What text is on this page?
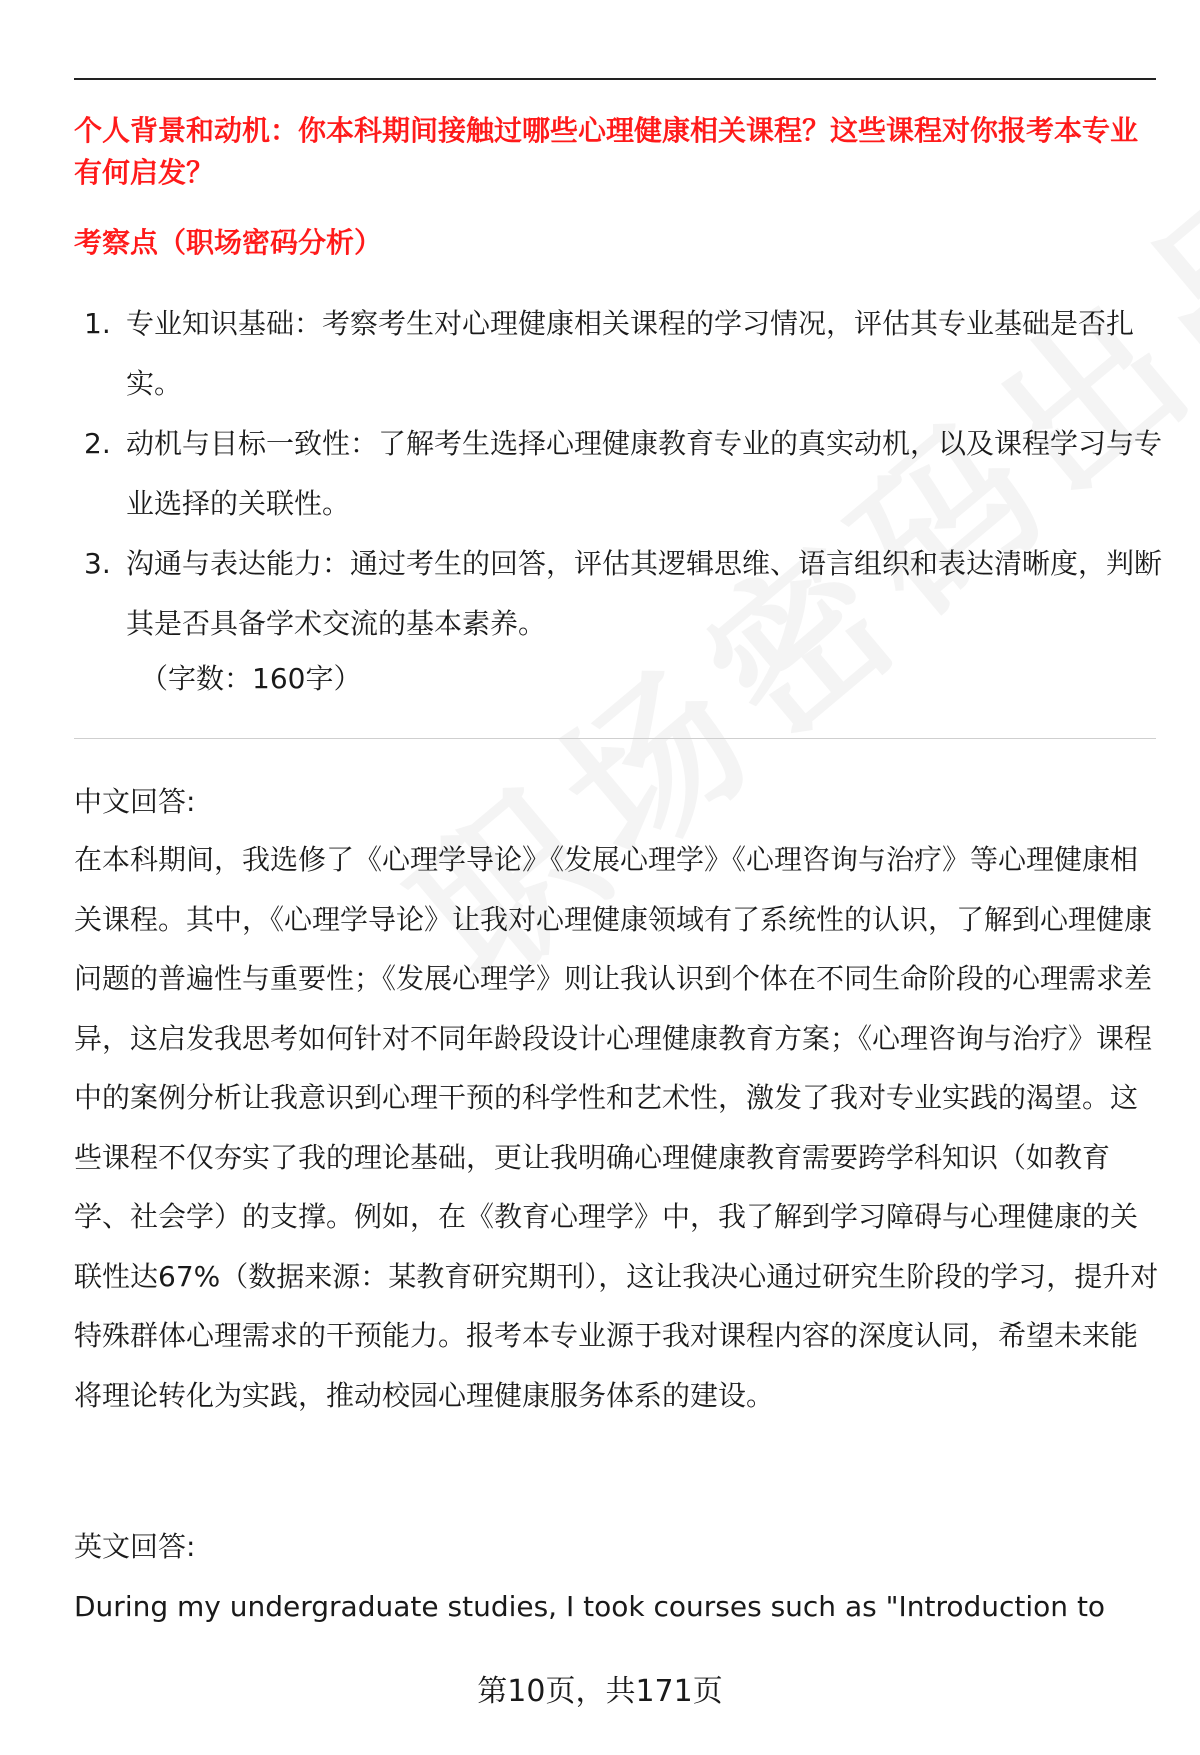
个人背景和动机：你本科期间接触过哪些心理健康相关课程？这些课程对你报考本专业有何启发？
考察点（职场密码分析）
1. 专业知识基础：考察考生对心理健康相关课程的学习情况，评估其专业基础是否扎实。
2. 动机与目标一致性：了解考生选择心理健康教育专业的真实动机，以及课程学习与专业选择的关联性。
3. 沟通与表达能力：通过考生的回答，评估其逻辑思维、语言组织和表达清晰度，判断其是否具备学术交流的基本素养。
（字数：160字）
中文回答:
在本科期间，我选修了《心理学导论》《发展心理学》《心理咨询与治疗》等心理健康相关课程。其中，《心理学导论》让我对心理健康领域有了系统性的认识，了解到心理健康问题的普遍性与重要性；《发展心理学》则让我认识到个体在不同生命阶段的心理需求差异，这启发我思考如何针对不同年龄段设计心理健康教育方案；《心理咨询与治疗》课程中的案例分析让我意识到心理干预的科学性和艺术性，激发了我对专业实践的渴望。这些课程不仅夯实了我的理论基础，更让我明确心理健康教育需要跨学科知识（如教育学、社会学）的支撑。例如，在《教育心理学》中，我了解到学习障碍与心理健康的关联性达67%（数据来源：某教育研究期刊），这让我决心通过研究生阶段的学习，提升对特殊群体心理需求的干预能力。报考本专业源于我对课程内容的深度认同，希望未来能将理论转化为实践，推动校园心理健康服务体系的建设。
英文回答:
During my undergraduate studies, I took courses such as "Introduction to
第10页，共171页
